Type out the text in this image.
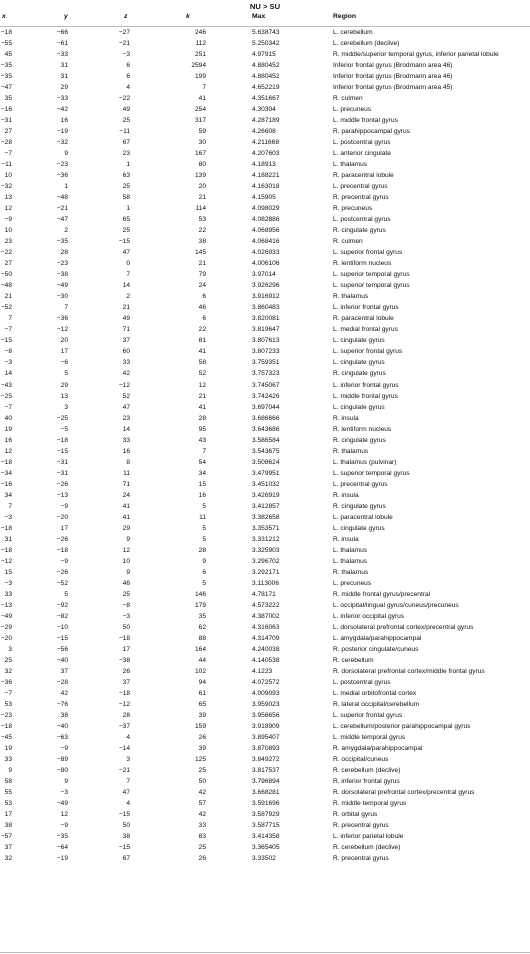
NU > SU
x	y	z	k	Max	Region
−18	−66	−27	246	5.638743	L. cerebellum
−55	−61	−21	112	5.250342	L. cerebellum (declive)
45	−33	−3	251	4.97915	R. middle/superior temporal gyrus, inferior parietal lobule
−35	31	6	2594	4.880452	Inferior frontal gyrus (Brodmann area 46)
−35	31	6	199	4.880452	Inferior frontal gyrus (Brodmann area 46)
−47	29	4	7	4.652219	Inferior frontal gyrus (Brodmann area 45)
35	−33	−22	41	4.351667	R. culmen
−16	−42	49	254	4.30304	L. precuneus
−31	16	25	317	4.287189	L. middle frontal gyrus
27	−19	−11	59	4.26608	R. parahippocampal gyrus
−28	−32	67	30	4.211668	L. postcentral gyrus
−7	9	23	167	4.207603	L. anterior cingulate
−11	−23	1	80	4.18913	L. thalamus
10	−36	63	139	4.188221	R. paracentral lobule
−32	1	25	20	4.163018	L. precentral gyrus
13	−48	58	21	4.15905	R. precentral gyrus
12	−21	1	114	4.098029	R. precuneus
−9	−47	65	53	4.082886	L. postcentral gyrus
10	2	25	22	4.068956	R. cingulate gyrus
23	−35	−15	38	4.068416	R. culmen
−22	28	47	145	4.026933	L. superior frontal gyrus
27	−23	0	21	4.006106	R. lentiform nucleus
−50	−38	7	79	3.97014	L. superior temporal gyrus
−48	−49	14	24	3.926296	L. superior temporal gyrus
21	−30	2	6	3.916912	R. thalamus
−52	7	21	46	3.860483	L. inferior frontal gyrus
7	−36	49	6	3.820081	R. paracentral lobule
−7	−12	71	22	3.819647	L. medial frontal gyrus
−15	20	37	81	3.807613	L. cingulate gyrus
−8	17	60	41	3.807233	L. superior frontal gyrus
−3	−6	33	58	3.759351	L. cingulate gyrus
14	5	42	52	3.757323	R. cingulate gyrus
−43	29	−12	12	3.745067	L. inferior frontal gyrus
−25	13	52	21	3.742426	L. middle frontal gyrus
−7	3	47	41	3.697044	L. cingulate gyrus
40	−25	23	28	3.686666	R. insula
19	−5	14	95	3.643686	R. lentiform nucleus
16	−18	33	43	3.586584	R. cingulate gyrus
12	−15	16	7	3.543675	R. thalamus
−18	−31	8	54	3.508624	L. thalamus (pulvinar)
−34	−31	11	34	3.479951	L. superior temporal gyrus
−16	−26	71	15	3.451032	L. precentral gyrus
34	−13	24	16	3.426919	R. insula
7	−9	41	5	3.412857	R. cingulate gyrus
−3	−20	41	11	3.382658	L. paracentral lobule
−18	17	29	5	3.353571	L. cingulate gyrus
31	−26	9	5	3.331212	R. insula
−18	−18	12	28	3.325903	L. thalamus
−12	−9	10	9	3.296702	L. thalamus
15	−26	9	6	3.292171	R. thalamus
−3	−52	46	5	3.113006	L. precuneus
33	5	25	146	4.78171	R. middle frontal gyrus/precentral
−13	−92	−8	179	4.573222	L. occipital/lingual gyrus/cuneus/precuneus
−49	−82	−3	35	4.387002	L. inferior occipital gyrus
−29	−10	50	62	4.316063	L. dorsolateral prefrontal cortex/precentral gyrus
−20	−15	−18	88	4.314709	L. amygdala/parahippocampal
3	−56	17	164	4.240038	R. posterior cingulate/cuneus
25	−40	−38	44	4.140538	R. cerebellum
32	37	26	102	4.1223	R. dorsolateral prefrontal cortex/middle frontal gyrus
−36	−28	37	94	4.072572	L. postcentral gyrus
−7	42	−18	61	4.009093	L. medial orbitofrontal cortex
53	−76	−12	65	3.959023	R. lateral occipital/cerebellum
−23	38	28	39	3.956656	L. superior frontal gyrus
−18	−40	−37	159	3.918909	L. cerebellum/posterior parahippocampal gyrus
−45	−63	4	26	3.895407	L. middle temporal gyrus
19	−9	−14	39	3.870893	R. amygdala/parahippocampal
33	−89	3	125	3.849272	R. occipital/cuneus
9	−80	−21	25	3.817537	R. cerebellum (declive)
58	9	7	50	3.796894	R. inferior frontal gyrus
55	−3	47	42	3.668281	R. dorsolateral prefrontal cortex/precentral gyrus
53	−49	4	57	3.591696	R. middle temporal gyrus
17	12	−15	42	3.587929	R. orbital gyrus
38	−9	50	33	3.587715	R. precentral gyrus
−57	−35	38	83	3.414358	L. inferior parietal lobule
37	−64	−15	25	3.365405	R. cerebellum (declive)
32	−19	67	26	3.33502	R. precentral gyrus
